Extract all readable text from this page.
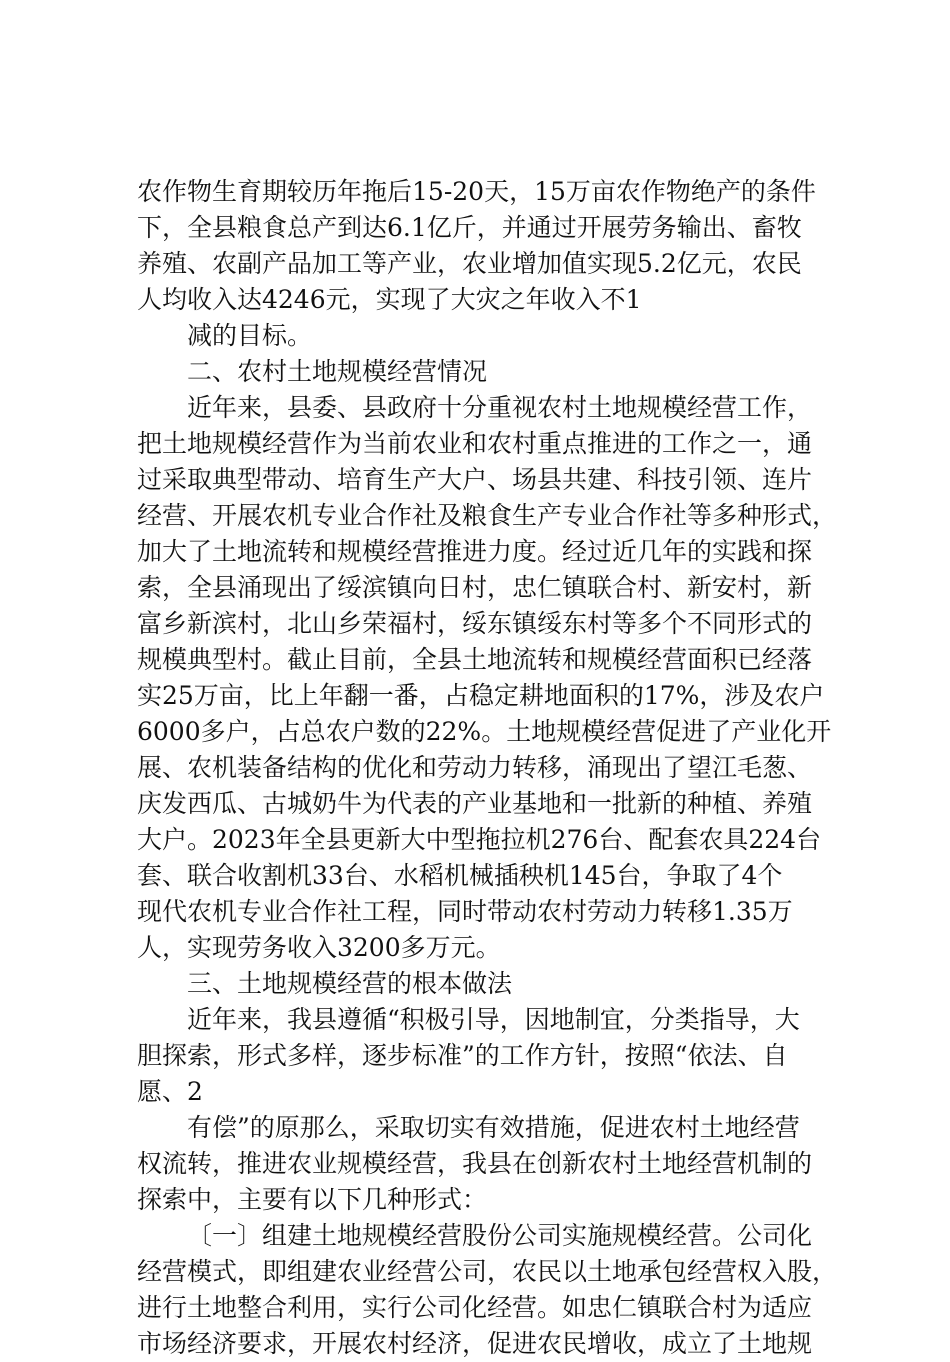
农作物生育期较历年拖后15-20天，15万亩农作物绝产的条件
下，全县粮食总产到达6.1亿斤，并通过开展劳务输出、畜牧
养殖、农副产品加工等产业，农业增加值实现5.2亿元，农民
人均收入达4246元，实现了大灾之年收入不1
减的目标。
二、农村土地规模经营情况
近年来，县委、县政府十分重视农村土地规模经营工作，
把土地规模经营作为当前农业和农村重点推进的工作之一，通
过采取典型带动、培育生产大户、场县共建、科技引领、连片
经营、开展农机专业合作社及粮食生产专业合作社等多种形式，
加大了土地流转和规模经营推进力度。经过近几年的实践和探
索，全县涌现出了绥滨镇向日村，忠仁镇联合村、新安村，新
富乡新滨村，北山乡荣福村，绥东镇绥东村等多个不同形式的
规模典型村。截止目前，全县土地流转和规模经营面积已经落
实25万亩，比上年翻一番，占稳定耕地面积的17%，涉及农户
6000多户，占总农户数的22%。土地规模经营促进了产业化开
展、农机装备结构的优化和劳动力转移，涌现出了望江毛葱、
庆发西瓜、古城奶牛为代表的产业基地和一批新的种植、养殖
大户。2023年全县更新大中型拖拉机276台、配套农具224台
套、联合收割机33台、水稻机械插秧机145台，争取了4个
现代农机专业合作社工程，同时带动农村劳动力转移1.35万
人，实现劳务收入3200多万元。
三、土地规模经营的根本做法
近年来，我县遵循“积极引导，因地制宜，分类指导，大
胆探索，形式多样，逐步标准”的工作方针，按照“依法、自
愿、2
有偿”的原那么，采取切实有效措施，促进农村土地经营
权流转，推进农业规模经营，我县在创新农村土地经营机制的
探索中，主要有以下几种形式：
〔一〕组建土地规模经营股份公司实施规模经营。公司化
经营模式，即组建农业经营公司，农民以土地承包经营权入股，
进行土地整合利用，实行公司化经营。如忠仁镇联合村为适应
市场经济要求，开展农村经济，促进农民增收，成立了土地规
